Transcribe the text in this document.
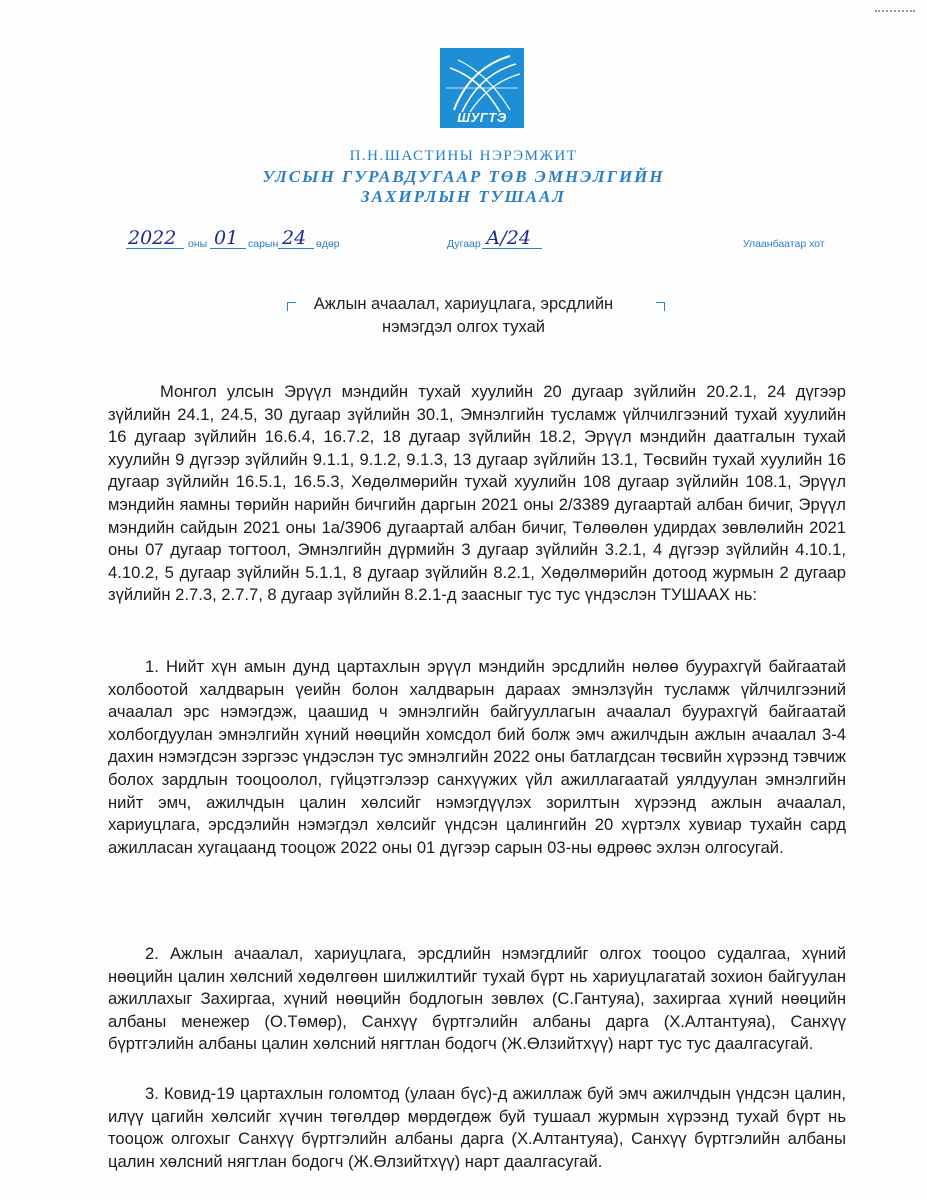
ШУГТЭ
П.Н.ШАСТИНЫ НЭРЭМЖИТ
УЛСЫН ГУРАВДУГААР ТӨВ ЭМНЭЛГИЙН
ЗАХИРЛЫН ТУШААЛ
2022 оны 01 сарын 24 өдөр	Дугаар А/24	Улаанбаатар хот
Ажлын ачаалал, хариуцлага, эрсдлийн
нэмэгдэл олгох тухай
Монгол улсын Эрүүл мэндийн тухай хуулийн 20 дугаар зүйлийн 20.2.1, 24 дүгээр зүйлийн 24.1, 24.5, 30 дугаар зүйлийн 30.1, Эмнэлгийн тусламж үйлчилгээний тухай хуулийн 16 дугаар зүйлийн 16.6.4, 16.7.2, 18 дугаар зүйлийн 18.2, Эрүүл мэндийн даатгалын тухай хуулийн 9 дүгээр зүйлийн 9.1.1, 9.1.2, 9.1.3, 13 дугаар зүйлийн 13.1, Төсвийн тухай хуулийн 16 дугаар зүйлийн 16.5.1, 16.5.3, Хөдөлмөрийн тухай хуулийн 108 дугаар зүйлийн 108.1, Эрүүл мэндийн яамны төрийн нарийн бичгийн даргын 2021 оны 2/3389 дугаартай албан бичиг, Эрүүл мэндийн сайдын 2021 оны 1а/3906 дугаартай албан бичиг, Төлөөлөн удирдах зөвлөлийн 2021 оны 07 дугаар тогтоол, Эмнэлгийн дүрмийн 3 дугаар зүйлийн 3.2.1, 4 дүгээр зүйлийн 4.10.1, 4.10.2, 5 дугаар зүйлийн 5.1.1, 8 дугаар зүйлийн 8.2.1, Хөдөлмөрийн дотоод журмын 2 дугаар зүйлийн 2.7.3, 2.7.7, 8 дугаар зүйлийн 8.2.1-д заасныг тус тус үндэслэн ТУШААХ нь:
1. Нийт хүн амын дунд цартахлын эрүүл мэндийн эрсдлийн нөлөө буурахгүй байгаатай холбоотой халдварын үеийн болон халдварын дараах эмнэлзүйн тусламж үйлчилгээний ачаалал эрс нэмэгдэж, цаашид ч эмнэлгийн байгууллагын ачаалал буурахгүй байгаатай холбогдуулан эмнэлгийн хүний нөөцийн хомсдол бий болж эмч ажилчдын ажлын ачаалал 3-4 дахин нэмэгдсэн зэргээс үндэслэн тус эмнэлгийн 2022 оны батлагдсан төсвийн хүрээнд тэвчиж болох зардлын тооцоолол, гүйцэтгэлээр санхүүжих үйл ажиллагаатай уялдуулан эмнэлгийн нийт эмч, ажилчдын цалин хөлсийг нэмэгдүүлэх зорилтын хүрээнд ажлын ачаалал, хариуцлага, эрсдэлийн нэмэгдэл хөлсийг үндсэн цалингийн 20 хүртэлх хувиар тухайн сард ажилласан хугацаанд тооцож 2022 оны 01 дүгээр сарын 03-ны өдрөөс эхлэн олгосугай.
2. Ажлын ачаалал, хариуцлага, эрсдлийн нэмэгдлийг олгох тооцоо судалгаа, хүний нөөцийн цалин хөлсний хөдөлгөөн шилжилтийг тухай бүрт нь хариуцлагатай зохион байгуулан ажиллахыг Захиргаа, хүний нөөцийн бодлогын зөвлөх (С.Гантуяа), захиргаа хүний нөөцийн албаны менежер (О.Төмөр), Санхүү бүртгэлийн албаны дарга (Х.Алтантуяа), Санхүү бүртгэлийн албаны цалин хөлсний нягтлан бодогч (Ж.Өлзийтхүү) нарт тус тус даалгасугай.
3. Ковид-19 цартахлын голомтод (улаан бүс)-д ажиллаж буй эмч ажилчдын үндсэн цалин, илүү цагийн хөлсийг хүчин төгөлдөр мөрдөгдөж буй тушаал журмын хүрээнд тухай бүрт нь тооцож олгохыг Санхүү бүртгэлийн албаны дарга (Х.Алтантуяа), Санхүү бүртгэлийн албаны цалин хөлсний нягтлан бодогч (Ж.Өлзийтхүү) нарт даалгасугай.
